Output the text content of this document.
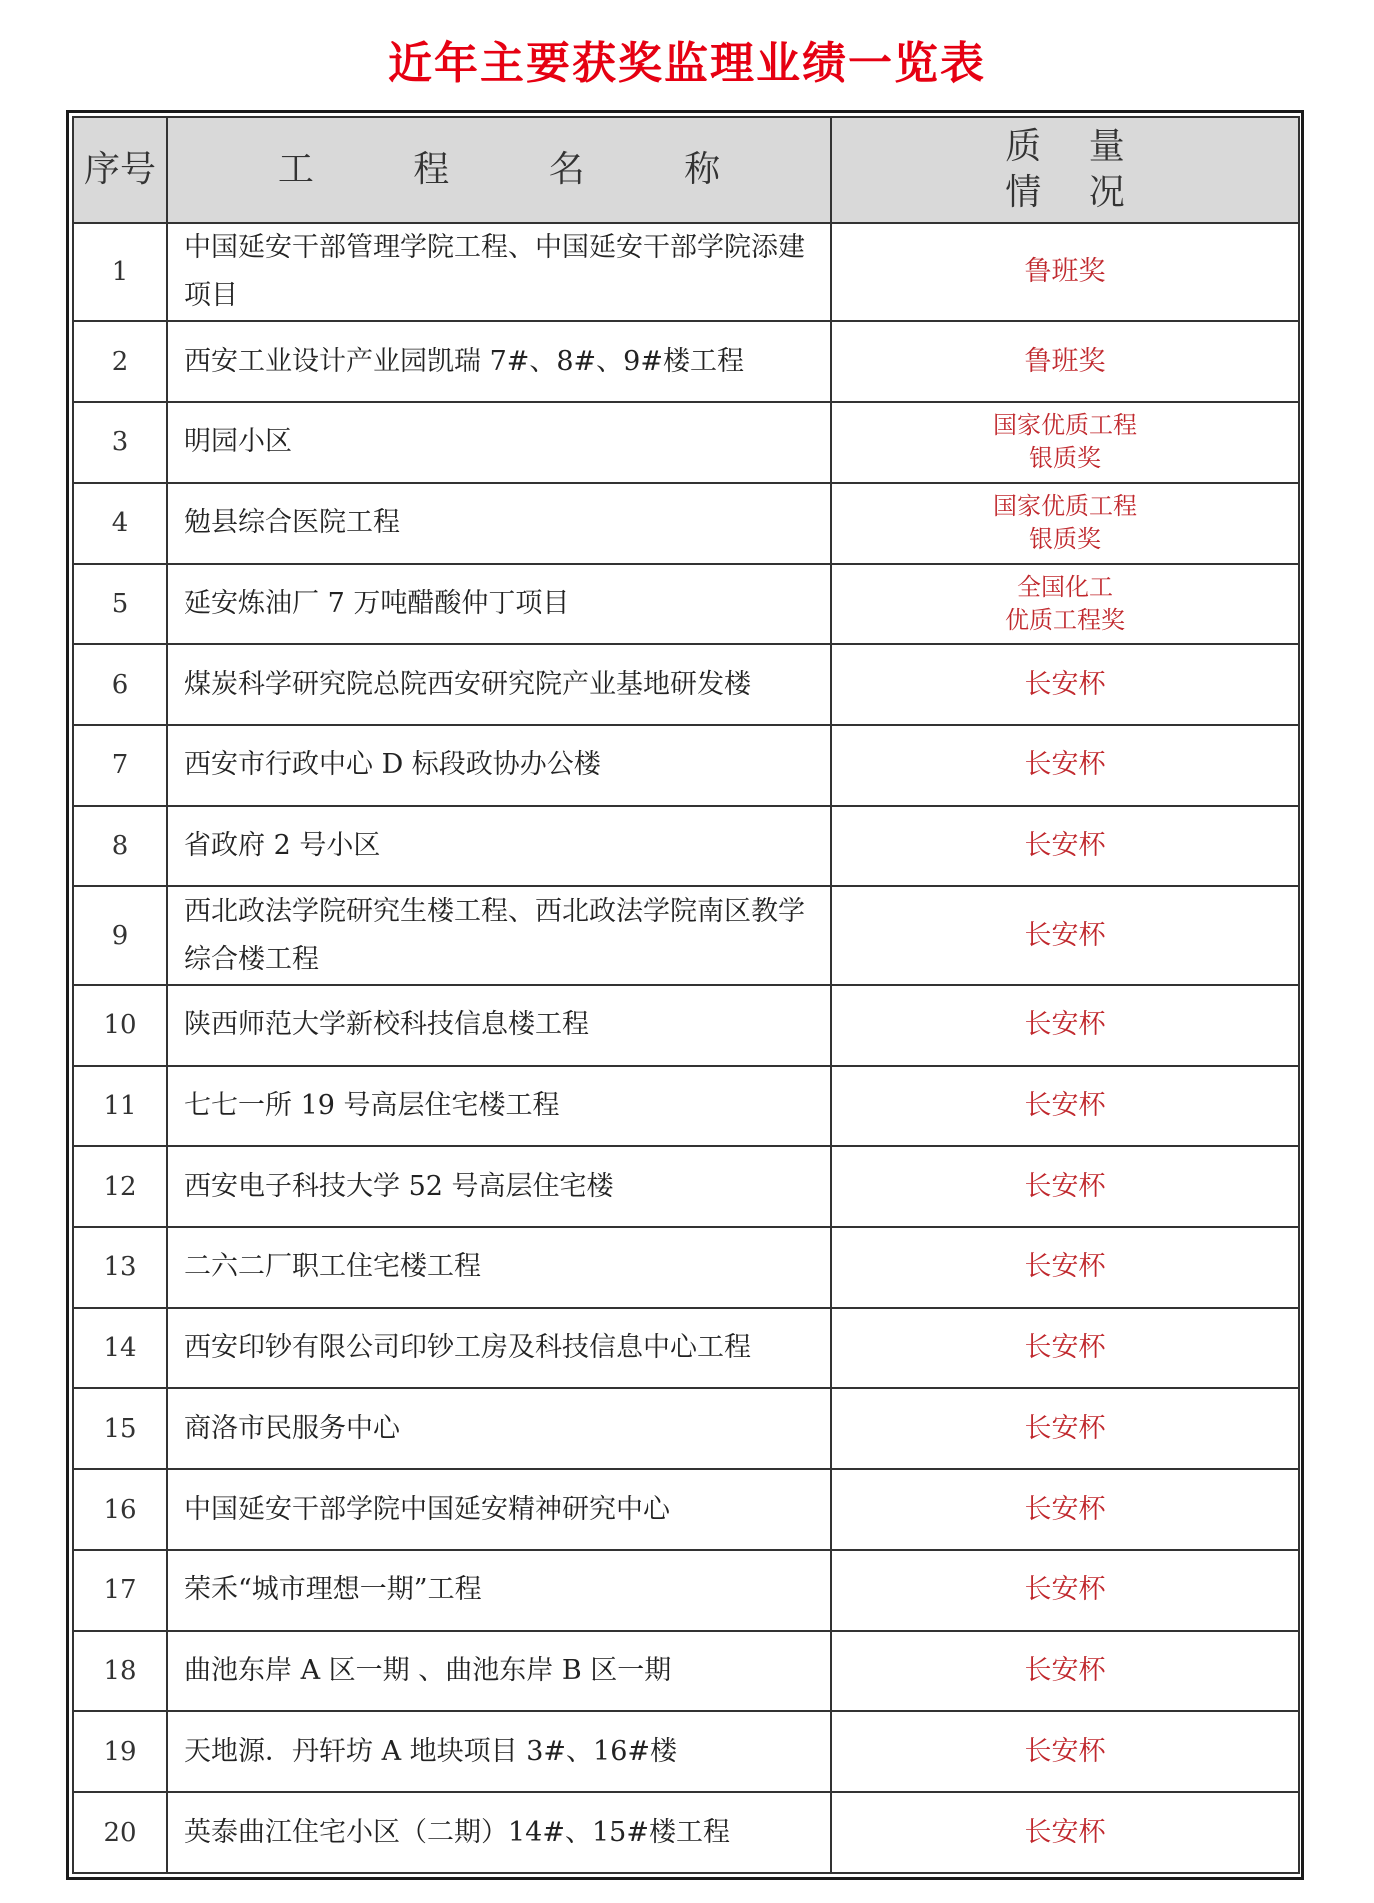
近年主要获奖监理业绩一览表
序号	工 程 名 称	质 量
情 况

1	中国延安干部管理学院工程、中国延安干部学院添建项目	鲁班奖

2	西安工业设计产业园凯瑞 7#、8#、9#楼工程	鲁班奖

3	明园小区	国家优质工程
银质奖

4	勉县综合医院工程	国家优质工程
银质奖

5	延安炼油厂 7 万吨醋酸仲丁项目	全国化工
优质工程奖

6	煤炭科学研究院总院西安研究院产业基地研发楼	长安杯

7	西安市行政中心 D 标段政协办公楼	长安杯

8	省政府 2 号小区	长安杯

9	西北政法学院研究生楼工程、西北政法学院南区教学综合楼工程	长安杯

10	陕西师范大学新校科技信息楼工程	长安杯

11	七七一所 19 号高层住宅楼工程	长安杯

12	西安电子科技大学 52 号高层住宅楼	长安杯

13	二六二厂职工住宅楼工程	长安杯

14	西安印钞有限公司印钞工房及科技信息中心工程	长安杯

15	商洛市民服务中心	长安杯

16	中国延安干部学院中国延安精神研究中心	长安杯

17	荣禾“城市理想一期”工程	长安杯

18	曲池东岸 A 区一期 、曲池东岸 B 区一期	长安杯

19	天地源．丹轩坊 A 地块项目 3#、16#楼	长安杯

20	英泰曲江住宅小区（二期）14#、15#楼工程	长安杯
